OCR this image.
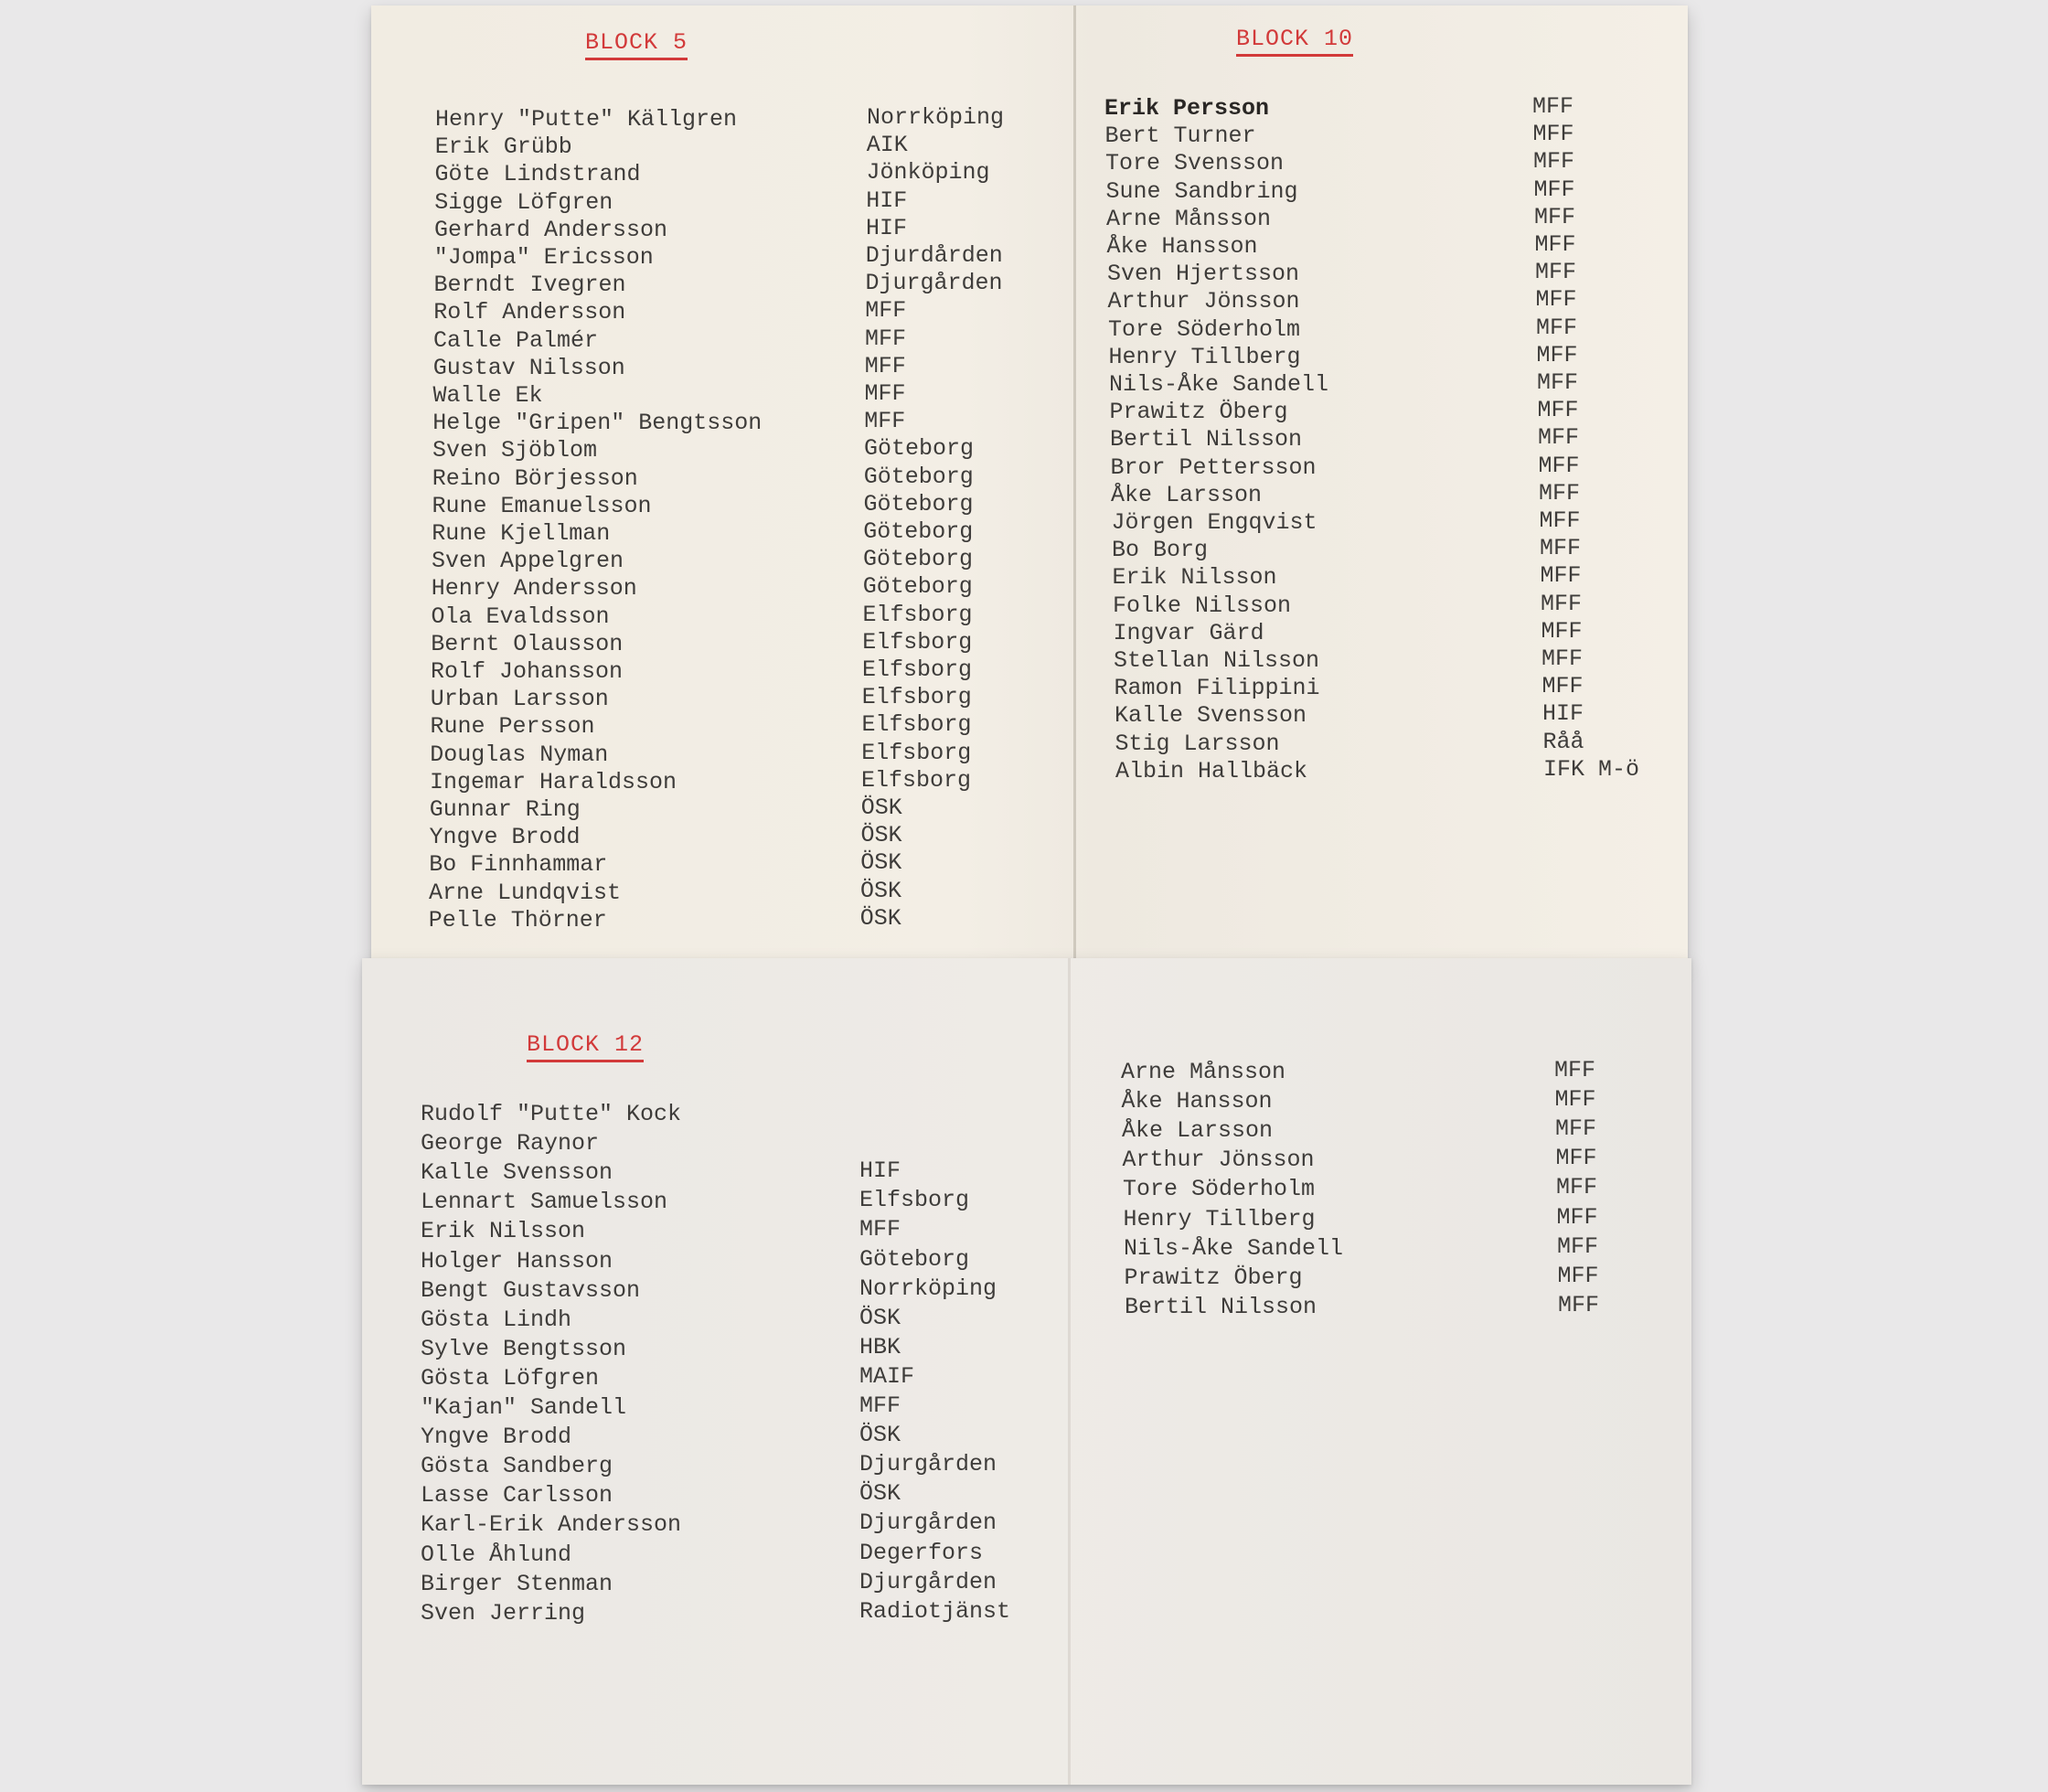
BLOCK 5
Henry "Putte" Källgren	Norrköping
Erik Grübb	AIK
Göte Lindstrand	Jönköping
Sigge Löfgren	HIF
Gerhard Andersson	HIF
"Jompa" Ericsson	Djurdården
Berndt Ivegren	Djurgården
Rolf Andersson	MFF
Calle Palmér	MFF
Gustav Nilsson	MFF
Walle Ek	MFF
Helge "Gripen" Bengtsson	MFF
Sven Sjöblom	Göteborg
Reino Börjesson	Göteborg
Rune Emanuelsson	Göteborg
Rune Kjellman	Göteborg
Sven Appelgren	Göteborg
Henry Andersson	Göteborg
Ola Evaldsson	Elfsborg
Bernt Olausson	Elfsborg
Rolf Johansson	Elfsborg
Urban Larsson	Elfsborg
Rune Persson	Elfsborg
Douglas Nyman	Elfsborg
Ingemar Haraldsson	Elfsborg
Gunnar Ring	ÖSK
Yngve Brodd	ÖSK
Bo Finnhammar	ÖSK
Arne Lundqvist	ÖSK
Pelle Thörner	ÖSK
BLOCK 10
Erik Persson	MFF
Bert Turner	MFF
Tore Svensson	MFF
Sune Sandbring	MFF
Arne Månsson	MFF
Åke Hansson	MFF
Sven Hjertsson	MFF
Arthur Jönsson	MFF
Tore Söderholm	MFF
Henry Tillberg	MFF
Nils-Åke Sandell	MFF
Prawitz Öberg	MFF
Bertil Nilsson	MFF
Bror Pettersson	MFF
Åke Larsson	MFF
Jörgen Engqvist	MFF
Bo Borg	MFF
Erik Nilsson	MFF
Folke Nilsson	MFF
Ingvar Gärd	MFF
Stellan Nilsson	MFF
Ramon Filippini	MFF
Kalle Svensson	HIF
Stig Larsson	Råå
Albin Hallbäck	IFK M-ö
BLOCK 12
Rudolf "Putte" Kock
George Raynor
Kalle Svensson	HIF
Lennart Samuelsson	Elfsborg
Erik Nilsson	MFF
Holger Hansson	Göteborg
Bengt Gustavsson	Norrköping
Gösta Lindh	ÖSK
Sylve Bengtsson	HBK
Gösta Löfgren	MAIF
"Kajan" Sandell	MFF
Yngve Brodd	ÖSK
Gösta Sandberg	Djurgården
Lasse Carlsson	ÖSK
Karl-Erik Andersson	Djurgården
Olle Åhlund	Degerfors
Birger Stenman	Djurgården
Sven Jerring	Radiotjänst
Arne Månsson	MFF
Åke Hansson	MFF
Åke Larsson	MFF
Arthur Jönsson	MFF
Tore Söderholm	MFF
Henry Tillberg	MFF
Nils-Åke Sandell	MFF
Prawitz Öberg	MFF
Bertil Nilsson	MFF
